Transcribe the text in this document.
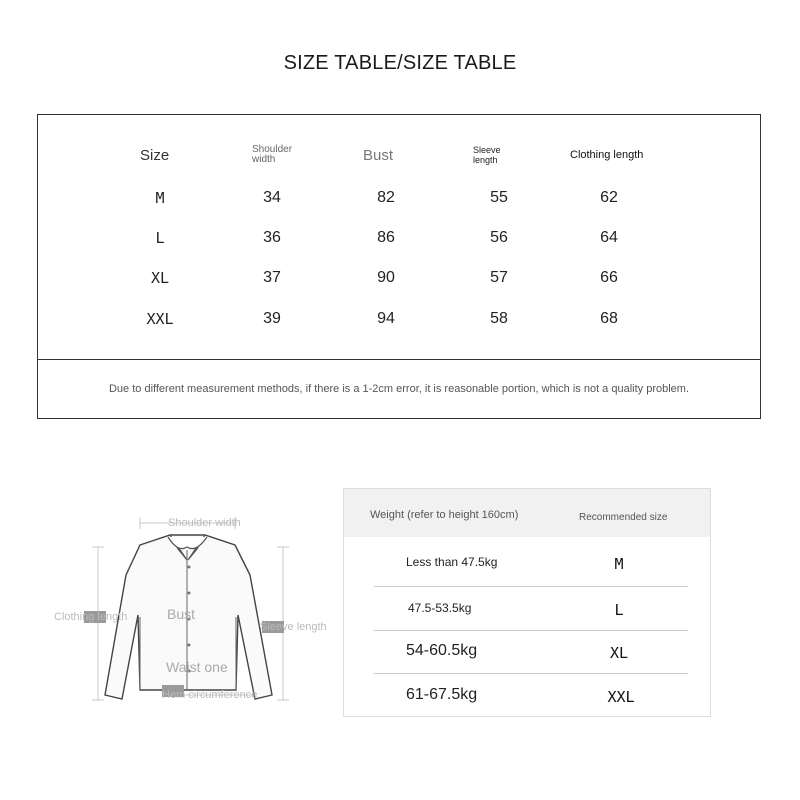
SIZE TABLE/SIZE TABLE
Size	Shoulder width	Bust	Sleeve length	Clothing length
M	34	82	55	62
L	36	86	56	64
XL	37	90	57	66
XXL	39	94	58	68
Due to different measurement methods, if there is a 1-2cm error, it is reasonable portion, which is not a quality problem.
Shoulder width
Clothing length	Bust
Sleeve length
Waist one
Hem circumference
Weight (refer to height 160cm)	Recommended size
Less than 47.5kg	M
47.5-53.5kg	L
54-60.5kg	XL
61-67.5kg	XXL
